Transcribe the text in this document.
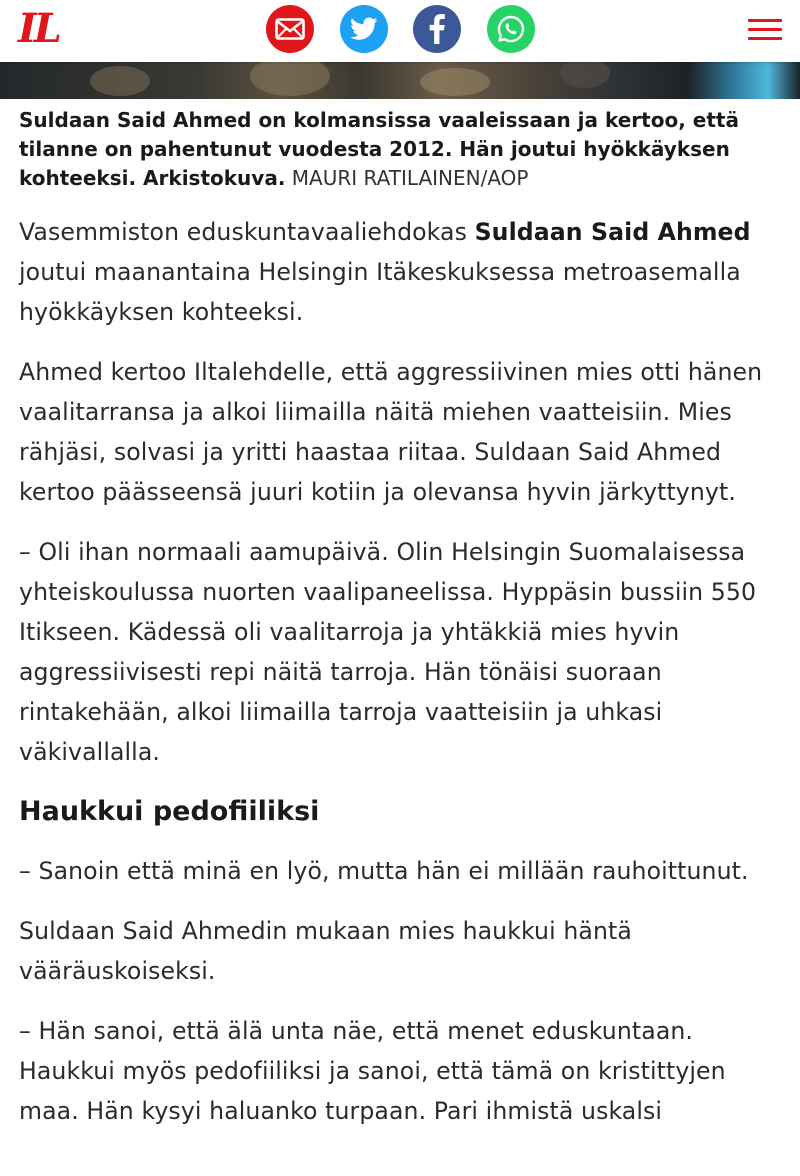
IL
Suldaan Said Ahmed on kolmansissa vaaleissaan ja kertoo, että tilanne on pahentunut vuodesta 2012. Hän joutui hyökkäyksen kohteeksi. Arkistokuva. MAURI RATILAINEN/AOP

Vasemmiston eduskuntavaaliehdokas Suldaan Said Ahmed joutui maanantaina Helsingin Itäkeskuksessa metroasemalla hyökkäyksen kohteeksi.

Ahmed kertoo Iltalehdelle, että aggressiivinen mies otti hänen vaalitarransa ja alkoi liimailla näitä miehen vaatteisiin. Mies rähjäsi, solvasi ja yritti haastaa riitaa. Suldaan Said Ahmed kertoo päässeensä juuri kotiin ja olevansa hyvin järkyttynyt.

– Oli ihan normaali aamupäivä. Olin Helsingin Suomalaisessa yhteiskoulussa nuorten vaalipaneelissa. Hyppäsin bussiin 550 Itikseen. Kädessä oli vaalitarroja ja yhtäkkiä mies hyvin aggressiivisesti repi näitä tarroja. Hän tönäisi suoraan rintakehään, alkoi liimailla tarroja vaatteisiin ja uhkasi väkivallalla.

Haukkui pedofiiliksi

– Sanoin että minä en lyö, mutta hän ei millään rauhoittunut.

Suldaan Said Ahmedin mukaan mies haukkui häntä vääräuskoiseksi.

– Hän sanoi, että älä unta näe, että menet eduskuntaan. Haukkui myös pedofiiliksi ja sanoi, että tämä on kristittyjen maa. Hän kysyi haluanko turpaan. Pari ihmistä uskalsi
